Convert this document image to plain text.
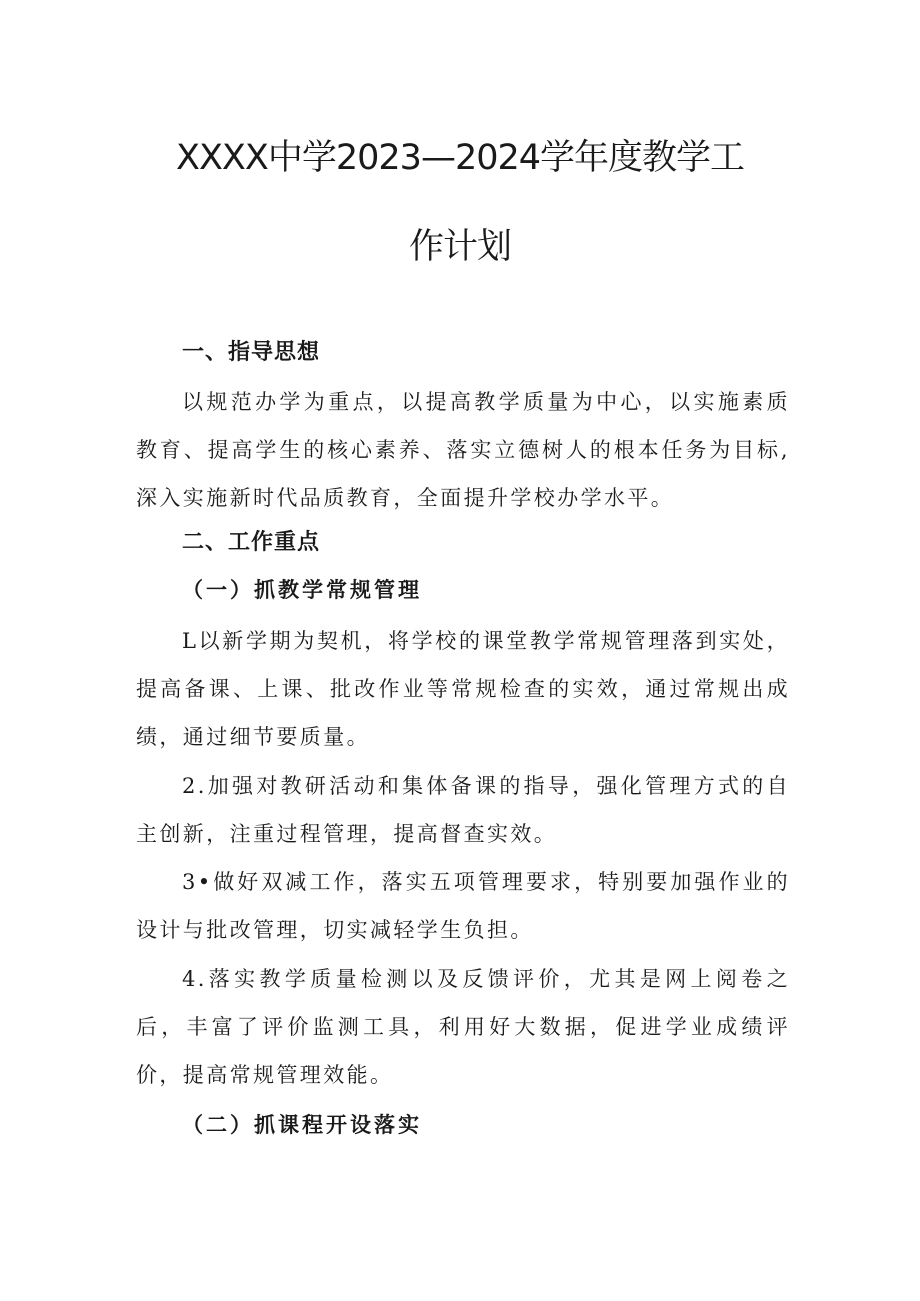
XXXX中学2023—2024学年度教学工
作计划
一、指导思想

以规范办学为重点，以提高教学质量为中心，以实施素质教育、提高学生的核心素养、落实立德树人的根本任务为目标,深入实施新时代品质教育，全面提升学校办学水平。

二、工作重点
（一）抓教学常规管理

L以新学期为契机，将学校的课堂教学常规管理落到实处，提高备课、上课、批改作业等常规检查的实效，通过常规出成绩，通过细节要质量。

2.加强对教研活动和集体备课的指导，强化管理方式的自主创新，注重过程管理，提高督查实效。

3•做好双减工作，落实五项管理要求，特别要加强作业的设计与批改管理，切实减轻学生负担。

4.落实教学质量检测以及反馈评价，尤其是网上阅卷之后，丰富了评价监测工具，利用好大数据，促进学业成绩评价，提高常规管理效能。

（二）抓课程开设落实
